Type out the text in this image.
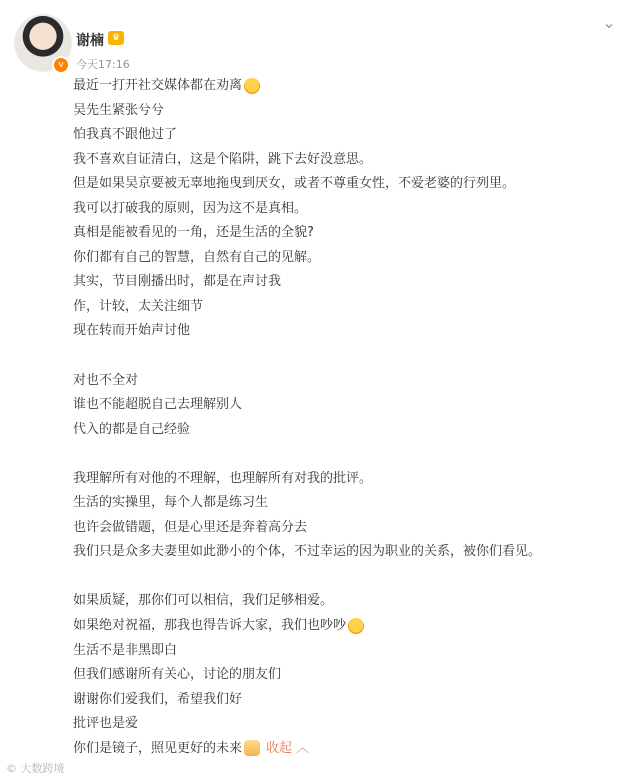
v
谢楠 ♛
今天17:16
⌄
最近一打开社交媒体都在劝离
吴先生紧张兮兮
怕我真不跟他过了
我不喜欢自证清白，这是个陷阱，跳下去好没意思。
但是如果吴京要被无辜地拖曳到厌女，或者不尊重女性，不爱老婆的行列里。
我可以打破我的原则，因为这不是真相。
真相是能被看见的一角，还是生活的全貌?
你们都有自己的智慧，自然有自己的见解。
其实，节目刚播出时，都是在声讨我
作，计较，太关注细节
现在转而开始声讨他
对也不全对
谁也不能超脱自己去理解别人
代入的都是自己经验
我理解所有对他的不理解，也理解所有对我的批评。
生活的实操里，每个人都是练习生
也许会做错题，但是心里还是奔着高分去
我们只是众多夫妻里如此渺小的个体，不过幸运的因为职业的关系，被你们看见。
如果质疑，那你们可以相信，我们足够相爱。
如果绝对祝福，那我也得告诉大家，我们也吵吵
生活不是非黑即白
但我们感谢所有关心，讨论的朋友们
谢谢你们爱我们，希望我们好
批评也是爱
你们是镜子，照见更好的未来 收起 ︿
© 大数跨境
